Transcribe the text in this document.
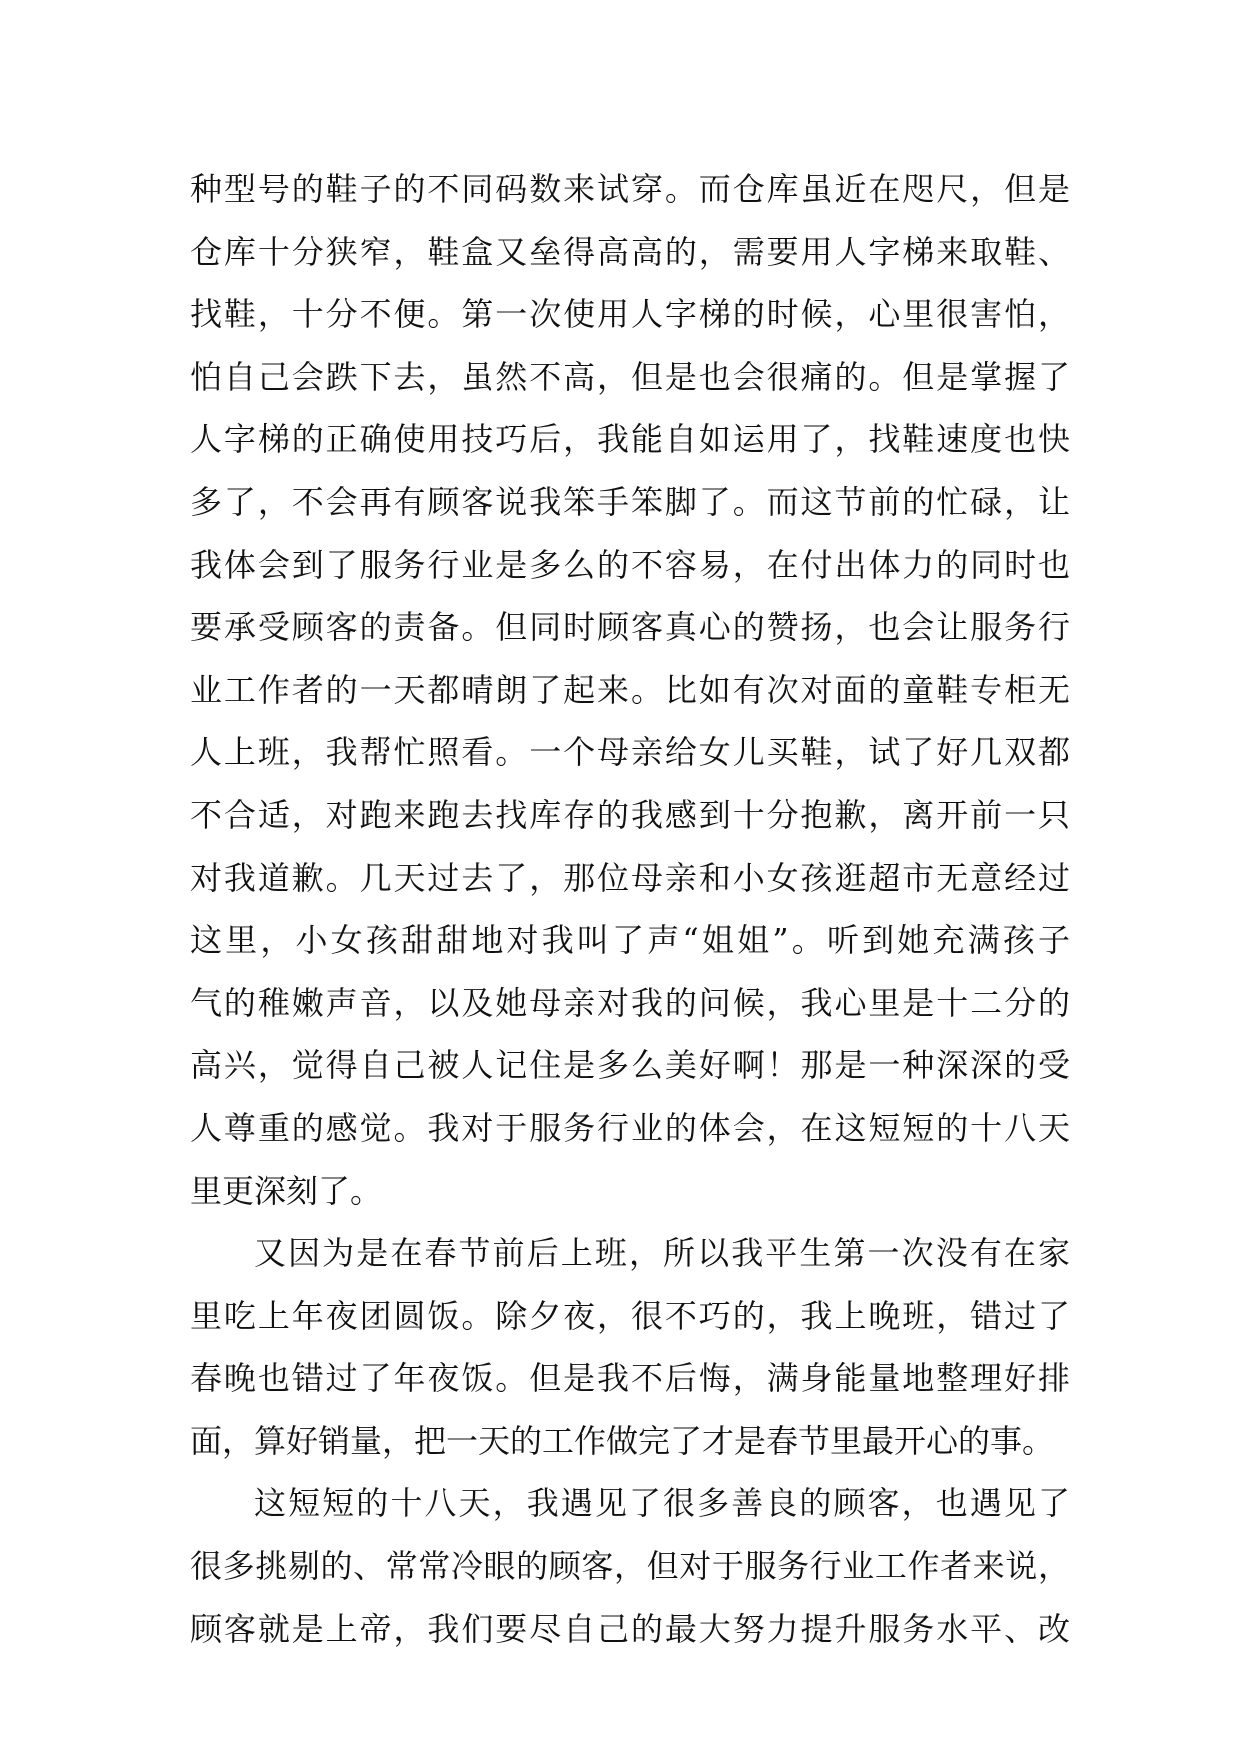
种型号的鞋子的不同码数来试穿。而仓库虽近在咫尺，但是
仓库十分狭窄，鞋盒又垒得高高的，需要用人字梯来取鞋、
找鞋，十分不便。第一次使用人字梯的时候，心里很害怕，
怕自己会跌下去，虽然不高，但是也会很痛的。但是掌握了
人字梯的正确使用技巧后，我能自如运用了，找鞋速度也快
多了，不会再有顾客说我笨手笨脚了。而这节前的忙碌，让
我体会到了服务行业是多么的不容易，在付出体力的同时也
要承受顾客的责备。但同时顾客真心的赞扬，也会让服务行
业工作者的一天都晴朗了起来。比如有次对面的童鞋专柜无
人上班，我帮忙照看。一个母亲给女儿买鞋，试了好几双都
不合适，对跑来跑去找库存的我感到十分抱歉，离开前一只
对我道歉。几天过去了，那位母亲和小女孩逛超市无意经过
这里，小女孩甜甜地对我叫了声“姐姐”。听到她充满孩子
气的稚嫩声音，以及她母亲对我的问候，我心里是十二分的
高兴，觉得自己被人记住是多么美好啊！那是一种深深的受
人尊重的感觉。我对于服务行业的体会，在这短短的十八天
里更深刻了。
又因为是在春节前后上班，所以我平生第一次没有在家
里吃上年夜团圆饭。除夕夜，很不巧的，我上晚班，错过了
春晚也错过了年夜饭。但是我不后悔，满身能量地整理好排
面，算好销量，把一天的工作做完了才是春节里最开心的事。
这短短的十八天，我遇见了很多善良的顾客，也遇见了
很多挑剔的、常常冷眼的顾客，但对于服务行业工作者来说，
顾客就是上帝，我们要尽自己的最大努力提升服务水平、改
